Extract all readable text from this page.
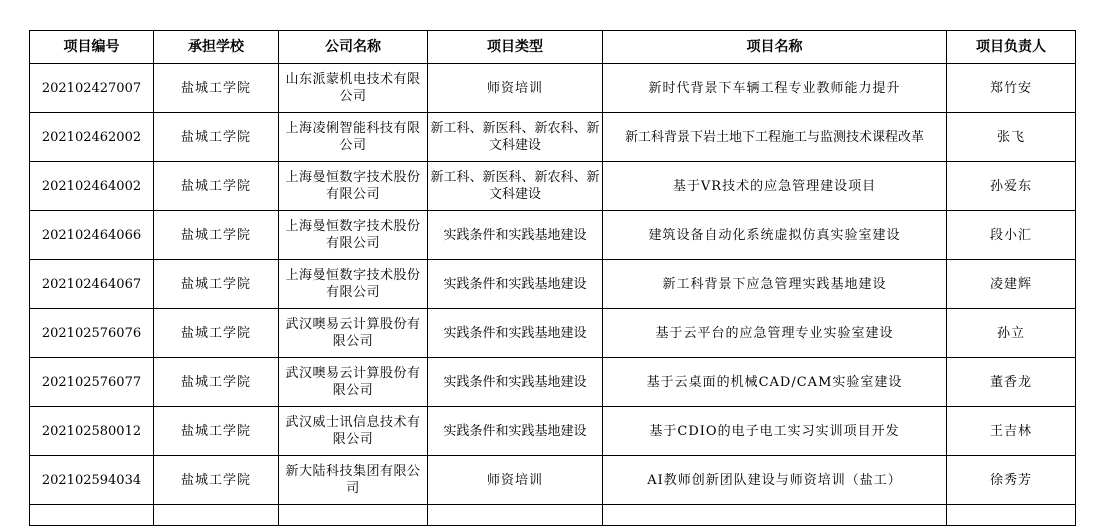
项目编号	承担学校	公司名称	项目类型	项目名称	项目负责人
202102427007	盐城工学院	山东派蒙机电技术有限公司	师资培训	新时代背景下车辆工程专业教师能力提升	郑竹安
202102462002	盐城工学院	上海凌俐智能科技有限公司	新工科、新医科、新农科、新文科建设	新工科背景下岩土地下工程施工与监测技术课程改革	张飞
202102464002	盐城工学院	上海曼恒数字技术股份有限公司	新工科、新医科、新农科、新文科建设	基于VR技术的应急管理建设项目	孙爱东
202102464066	盐城工学院	上海曼恒数字技术股份有限公司	实践条件和实践基地建设	建筑设备自动化系统虚拟仿真实验室建设	段小汇
202102464067	盐城工学院	上海曼恒数字技术股份有限公司	实践条件和实践基地建设	新工科背景下应急管理实践基地建设	凌建辉
202102576076	盐城工学院	武汉噢易云计算股份有限公司	实践条件和实践基地建设	基于云平台的应急管理专业实验室建设	孙立
202102576077	盐城工学院	武汉噢易云计算股份有限公司	实践条件和实践基地建设	基于云桌面的机械CAD/CAM实验室建设	董香龙
202102580012	盐城工学院	武汉威士讯信息技术有限公司	实践条件和实践基地建设	基于CDIO的电子电工实习实训项目开发	王吉林
202102594034	盐城工学院	新大陆科技集团有限公司	师资培训	AI教师创新团队建设与师资培训（盐工）	徐秀芳
